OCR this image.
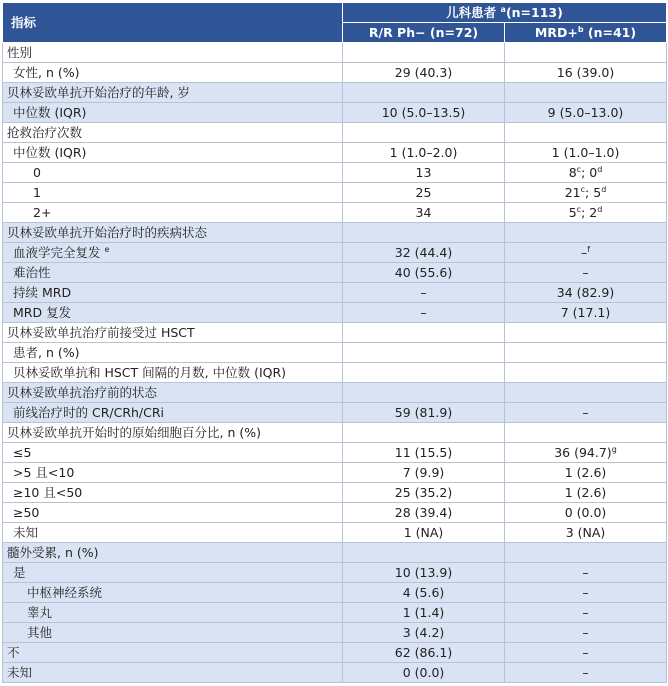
指标	儿科患者 $^a$(n=113)	
	R/R Ph− (n=72)	MRD+$^b$ (n=41)
性别		
女性, n (%)	29 (40.3)	16 (39.0)
贝林妥欧单抗开始治疗的年龄, 岁		
中位数 (IQR)	10 (5.0–13.5)	9 (5.0–13.0)
抢救治疗次数		
中位数 (IQR)	1 (1.0–2.0)	1 (1.0–1.0)
0	13	8$^c$; 0$^d$
1	25	21$^c$; 5$^d$
2+	34	5$^c$; 2$^d$
贝林妥欧单抗开始治疗时的疾病状态		
血液学完全复发 $^e$	32 (44.4)	–$^f$
难治性	40 (55.6)	–
持续 MRD	–	34 (82.9)
MRD 复发	–	7 (17.1)
贝林妥欧单抗治疗前接受过 HSCT		
患者, n (%)		
贝林妥欧单抗和 HSCT 间隔的月数, 中位数 (IQR)		
贝林妥欧单抗治疗前的状态		
前线治疗时的 CR/CRh/CRi	59 (81.9)	–
贝林妥欧单抗开始时的原始细胞百分比, n (%)		
≤5	11 (15.5)	36 $(94.7)^g$
>5 且<10	7 (9.9)	1 (2.6)
≥10 且<50	25 (35.2)	1 (2.6)
≥50	28 (39.4)	0 (0.0)
未知	1 (NA)	3 (NA)
髓外受累, n (%)		
是	10 (13.9)	–
中枢神经系统	4 (5.6)	–
睾丸	1 (1.4)	–
其他	3 (4.2)	–
不	62 (86.1)	–
未知	0 (0.0)	–
